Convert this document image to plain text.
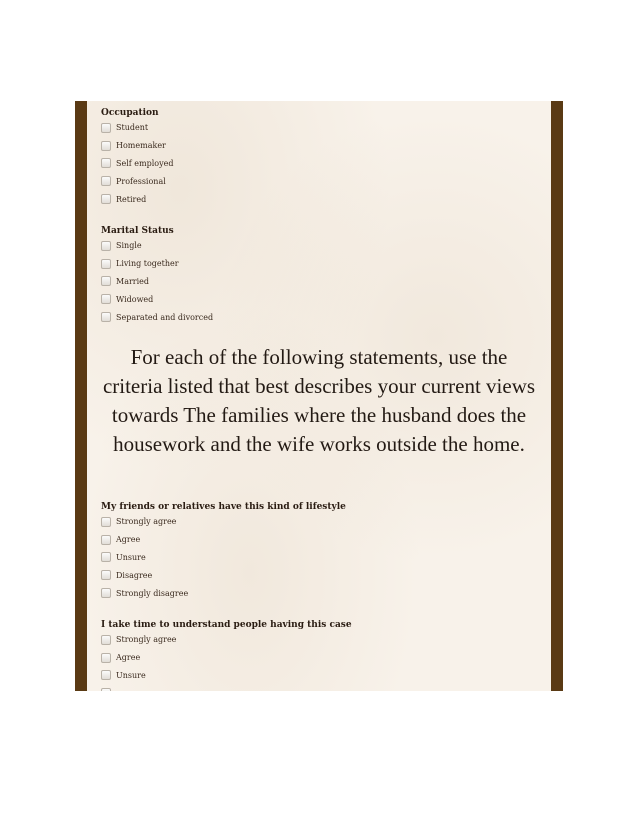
Occupation
Student
Homemaker
Self employed
Professional
Retired
Marital Status
Single
Living together
Married
Widowed
Separated and divorced
For each of the following statements, use the criteria listed that best describes your current views towards The families where the husband does the housework and the wife works outside the home.
My friends or relatives have this kind of lifestyle
Strongly agree
Agree
Unsure
Disagree
Strongly disagree
I take time to understand people having this case
Strongly agree
Agree
Unsure
